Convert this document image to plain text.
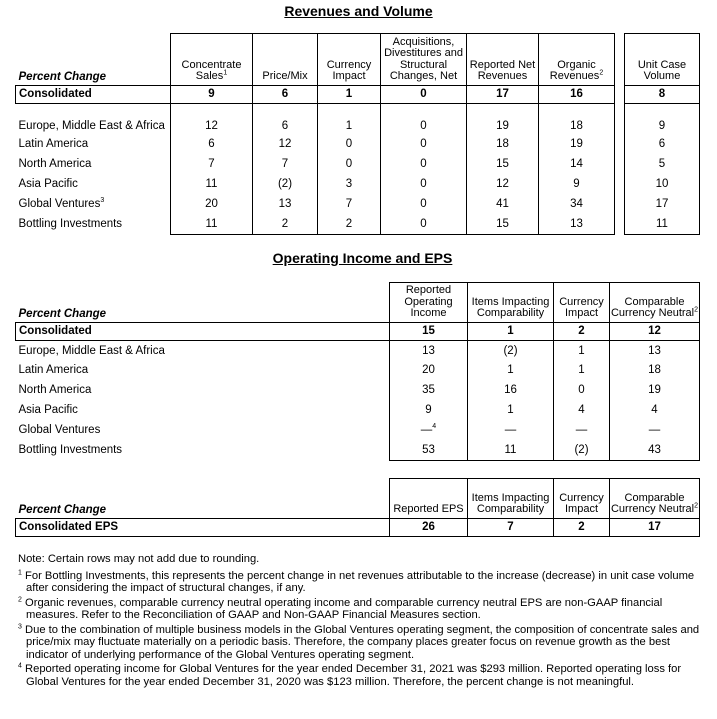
Revenues and Volume
Percent Change	Concentrate Sales$^1$	Price/Mix	Currency Impact	Acquisitions, Divestitures and Structural Changes, Net	Reported Net Revenues	Organic Revenues$^2$		Unit Case Volume
Consolidated	9	6	1	0	17	16		8
Europe, Middle East & Africa	12	6	1	0	19	18		9
Latin America	6	12	0	0	18	19		6
North America	7	7	0	0	15	14		5
Asia Pacific	11	(2)	3	0	12	9		10
Global Ventures$^3$	20	13	7	0	41	34		17
Bottling Investments	11	2	2	0	15	13		11
Operating Income and EPS
Percent Change	Reported Operating Income	Items Impacting Comparability	Currency Impact	Comparable Currency Neutral$^2$
Consolidated	15	1	2	12
Europe, Middle East & Africa	13	(2)	1	13
Latin America	20	1	1	18
North America	35	16	0	19
Asia Pacific	9	1	4	4
Global Ventures	—$^4$	—	—	—
Bottling Investments	53	11	(2)	43
Percent Change	Reported EPS	Items Impacting Comparability	Currency Impact	Comparable Currency Neutral$^2$
Consolidated EPS	26	7	2	17

Note: Certain rows may not add due to rounding.

$^1$ For Bottling Investments, this represents the percent change in net revenues attributable to the increase (decrease) in unit case volume after considering the impact of structural changes, if any.

$^2$ Organic revenues, comparable currency neutral operating income and comparable currency neutral EPS are non-GAAP financial measures. Refer to the Reconciliation of GAAP and Non-GAAP Financial Measures section.

$^3$ Due to the combination of multiple business models in the Global Ventures operating segment, the composition of concentrate sales and price/mix may fluctuate materially on a periodic basis. Therefore, the company places greater focus on revenue growth as the best indicator of underlying performance of the Global Ventures operating segment.

$^4$ Reported operating income for Global Ventures for the year ended December 31, 2021 was $293 million. Reported operating loss for Global Ventures for the year ended December 31, 2020 was $123 million. Therefore, the percent change is not meaningful.
